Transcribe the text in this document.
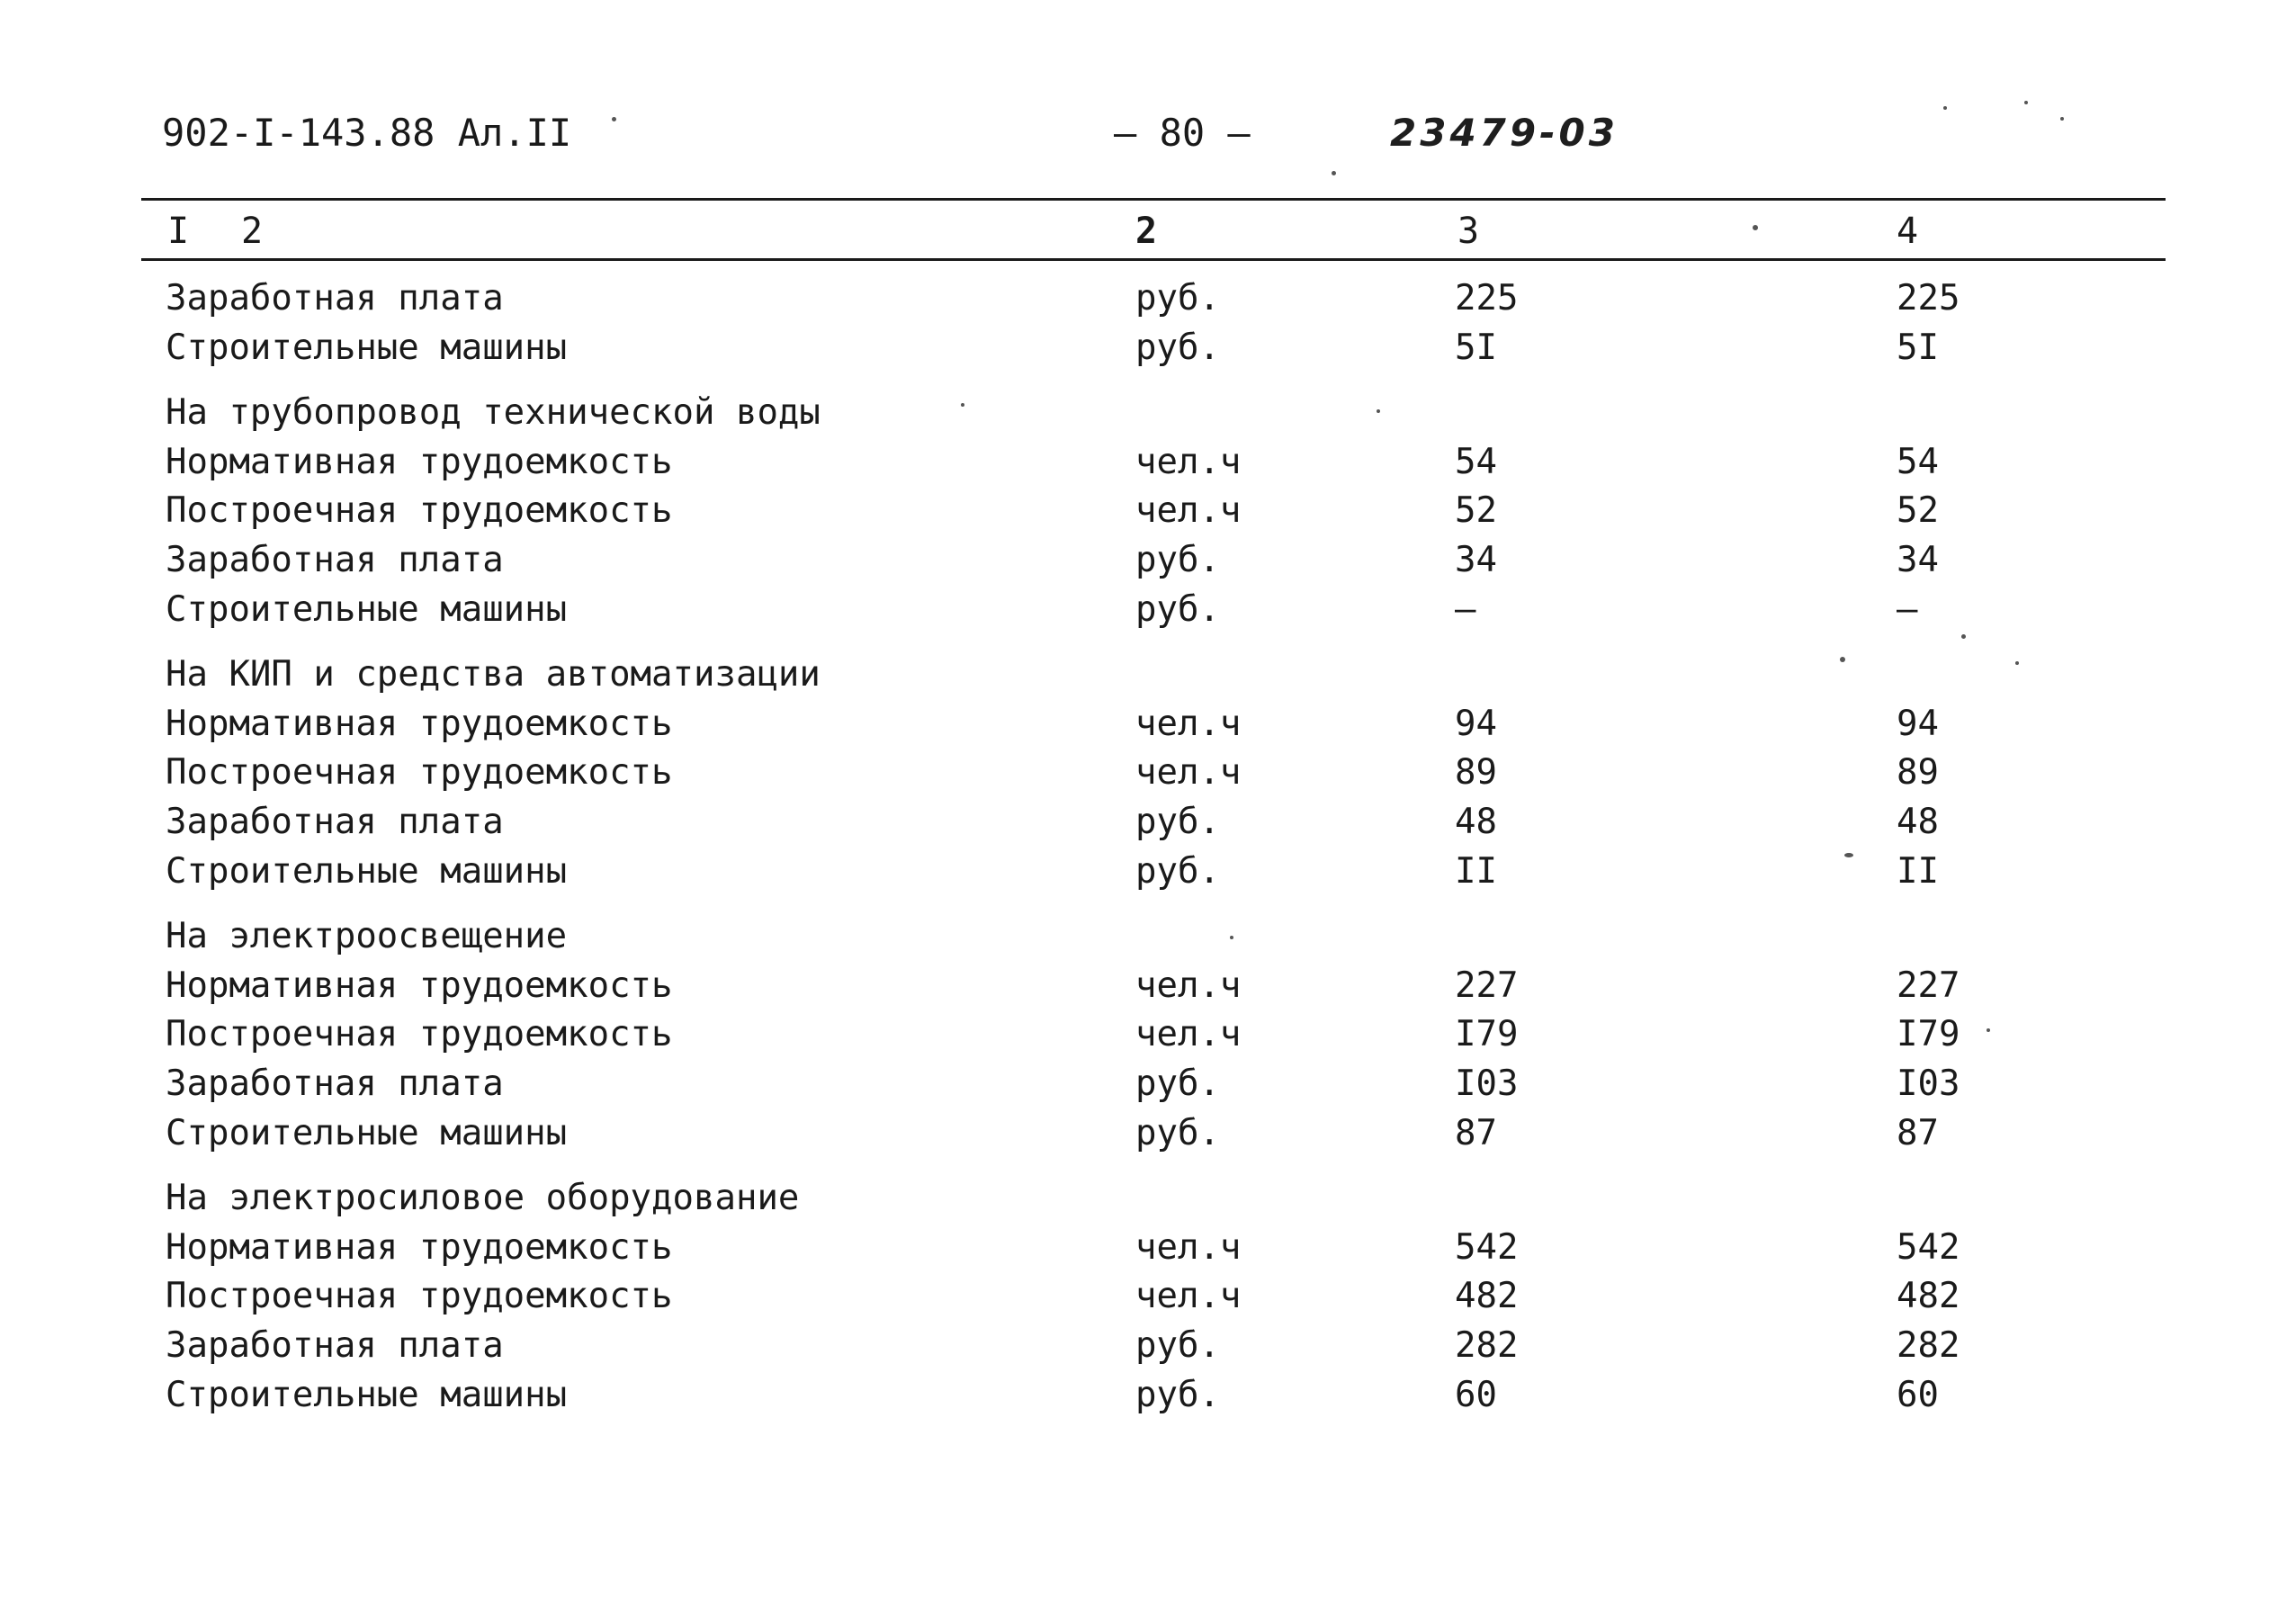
902-I-143.88 Ал.II	– 80 –	23479-03
I 2	2	3	4
Заработная плата	руб.	225	225
Строительные машины	руб.	5I	5I
На трубопровод технической воды
Нормативная трудоемкость	чел.ч	54	54
Построечная трудоемкость	чел.ч	52	52
Заработная плата	руб.	34	34
Строительные машины	руб.	–	–
На КИП и средства автоматизации
Нормативная трудоемкость	чел.ч	94	94
Построечная трудоемкость	чел.ч	89	89
Заработная плата	руб.	48	48
Строительные машины	руб.	II	II
На электроосвещение
Нормативная трудоемкость	чел.ч	227	227
Построечная трудоемкость	чел.ч	I79	I79
Заработная плата	руб.	I03	I03
Строительные машины	руб.	87	87
На электросиловое оборудование
Нормативная трудоемкость	чел.ч	542	542
Построечная трудоемкость	чел.ч	482	482
Заработная плата	руб.	282	282
Строительные машины	руб.	60	60
